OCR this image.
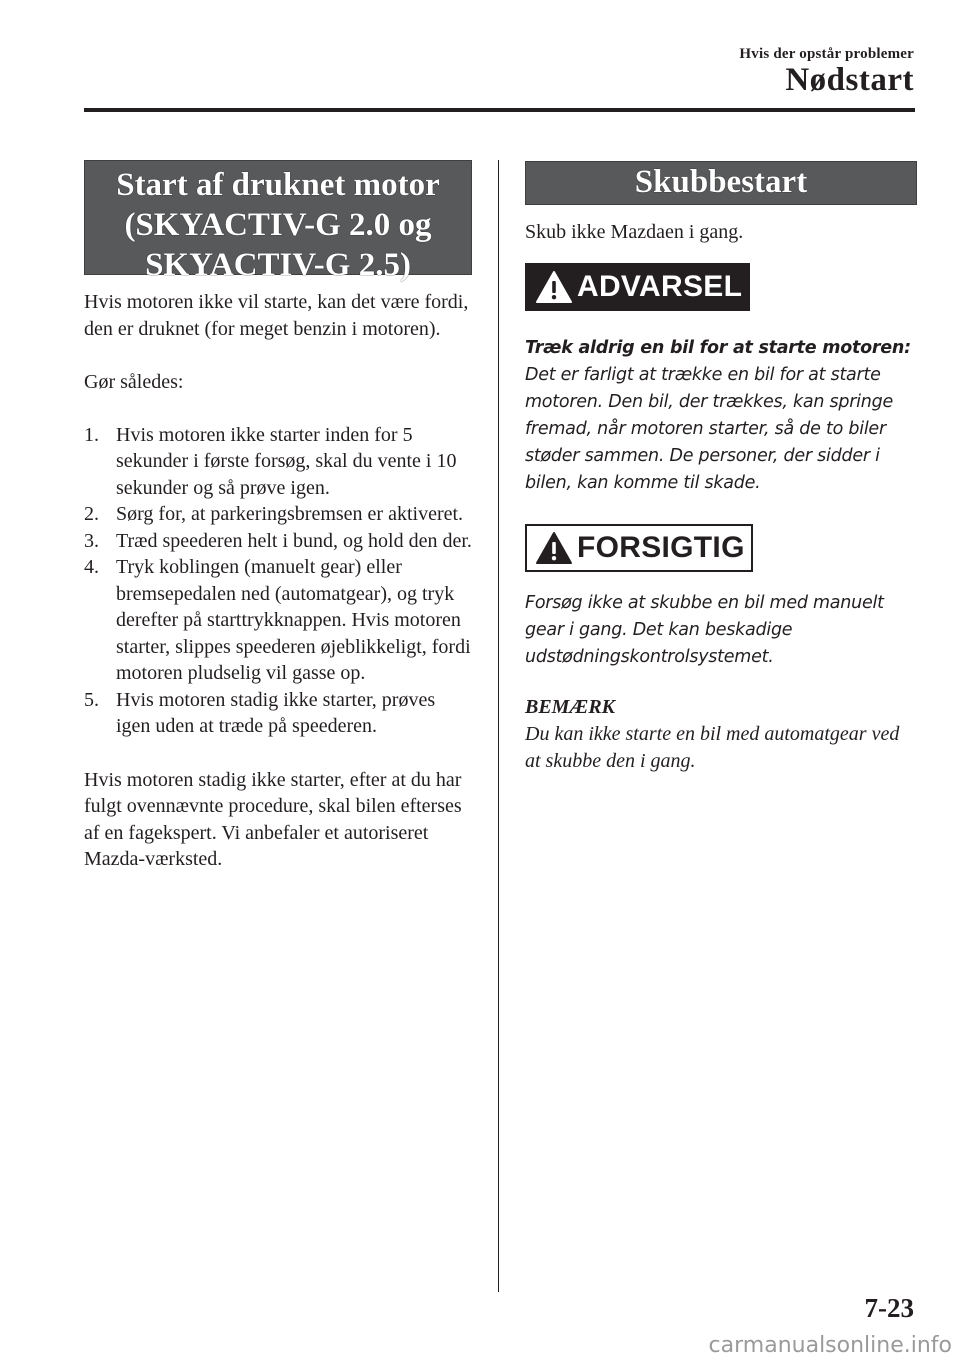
Hvis der opstår problemer
Nødstart
Start af druknet motor
(SKYACTIV-G 2.0 og
SKYACTIV-G 2.5)

Hvis motoren ikke vil starte, kan det være fordi, den er druknet (for meget benzin i motoren).

Gør således:

1. Hvis motoren ikke starter inden for 5 sekunder i første forsøg, skal du vente i 10 sekunder og så prøve igen.
2. Sørg for, at parkeringsbremsen er aktiveret.
3. Træd speederen helt i bund, og hold den der.
4. Tryk koblingen (manuelt gear) eller bremsepedalen ned (automatgear), og tryk derefter på starttrykknappen. Hvis motoren starter, slippes speederen øjeblikkeligt, fordi motoren pludselig vil gasse op.
5. Hvis motoren stadig ikke starter, prøves igen uden at træde på speederen.

Hvis motoren stadig ikke starter, efter at du har fulgt ovennævnte procedure, skal bilen efterses af en fagekspert. Vi anbefaler et autoriseret Mazda-værksted.

Skubbestart

Skub ikke Mazdaen i gang.

ADVARSEL

Træk aldrig en bil for at starte motoren:

Det er farligt at trække en bil for at starte motoren. Den bil, der trækkes, kan springe fremad, når motoren starter, så de to biler støder sammen. De personer, der sidder i bilen, kan komme til skade.

FORSIGTIG

Forsøg ikke at skubbe en bil med manuelt gear i gang. Det kan beskadige udstødningskontrolsystemet.

BEMÆRK
Du kan ikke starte en bil med automatgear ved at skubbe den i gang.
7-23
carmanualsonline.info
